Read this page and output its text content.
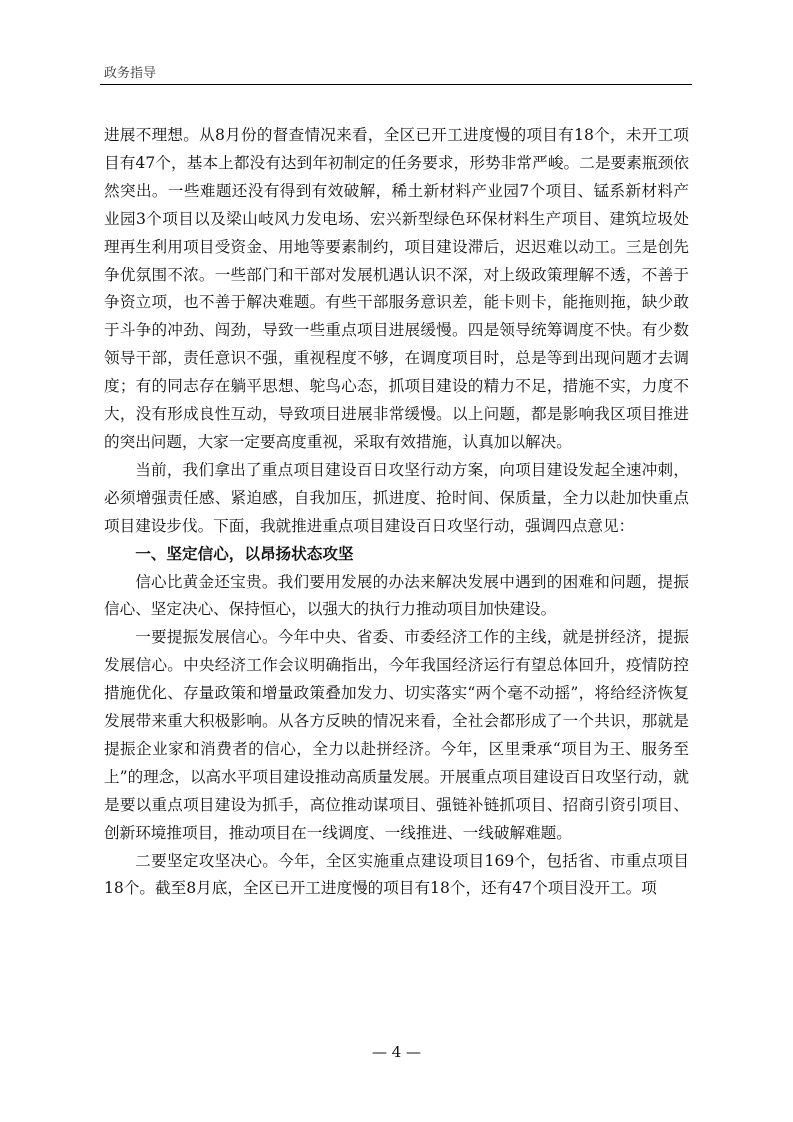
政务指导

进展不理想。从8月份的督查情况来看，全区已开工进度慢的项目有18个，未开工项目有47个，基本上都没有达到年初制定的任务要求，形势非常严峻。二是要素瓶颈依然突出。一些难题还没有得到有效破解，稀土新材料产业园7个项目、锰系新材料产业园3个项目以及梁山岐风力发电场、宏兴新型绿色环保材料生产项目、建筑垃圾处理再生利用项目受资金、用地等要素制约，项目建设滞后，迟迟难以动工。三是创先争优氛围不浓。一些部门和干部对发展机遇认识不深，对上级政策理解不透，不善于争资立项，也不善于解决难题。有些干部服务意识差，能卡则卡，能拖则拖，缺少敢于斗争的冲劲、闯劲，导致一些重点项目进展缓慢。四是领导统筹调度不快。有少数领导干部，责任意识不强，重视程度不够，在调度项目时，总是等到出现问题才去调度；有的同志存在躺平思想、鸵鸟心态，抓项目建设的精力不足，措施不实，力度不大，没有形成良性互动，导致项目进展非常缓慢。以上问题，都是影响我区项目推进的突出问题，大家一定要高度重视，采取有效措施，认真加以解决。

当前，我们拿出了重点项目建设百日攻坚行动方案，向项目建设发起全速冲刺，必须增强责任感、紧迫感，自我加压，抓进度、抢时间、保质量，全力以赴加快重点项目建设步伐。下面，我就推进重点项目建设百日攻坚行动，强调四点意见：

一、坚定信心，以昂扬状态攻坚

信心比黄金还宝贵。我们要用发展的办法来解决发展中遇到的困难和问题，提振信心、坚定决心、保持恒心，以强大的执行力推动项目加快建设。

一要提振发展信心。今年中央、省委、市委经济工作的主线，就是拼经济，提振发展信心。中央经济工作会议明确指出，今年我国经济运行有望总体回升，疫情防控措施优化、存量政策和增量政策叠加发力、切实落实“两个毫不动摇”，将给经济恢复发展带来重大积极影响。从各方反映的情况来看，全社会都形成了一个共识，那就是提振企业家和消费者的信心，全力以赴拼经济。今年，区里秉承“项目为王、服务至上”的理念，以高水平项目建设推动高质量发展。开展重点项目建设百日攻坚行动，就是要以重点项目建设为抓手，高位推动谋项目、强链补链抓项目、招商引资引项目、创新环境推项目，推动项目在一线调度、一线推进、一线破解难题。

二要坚定攻坚决心。今年，全区实施重点建设项目169个，包括省、市重点项目18个。截至8月底，全区已开工进度慢的项目有18个，还有47个项目没开工。项

— 4 —
